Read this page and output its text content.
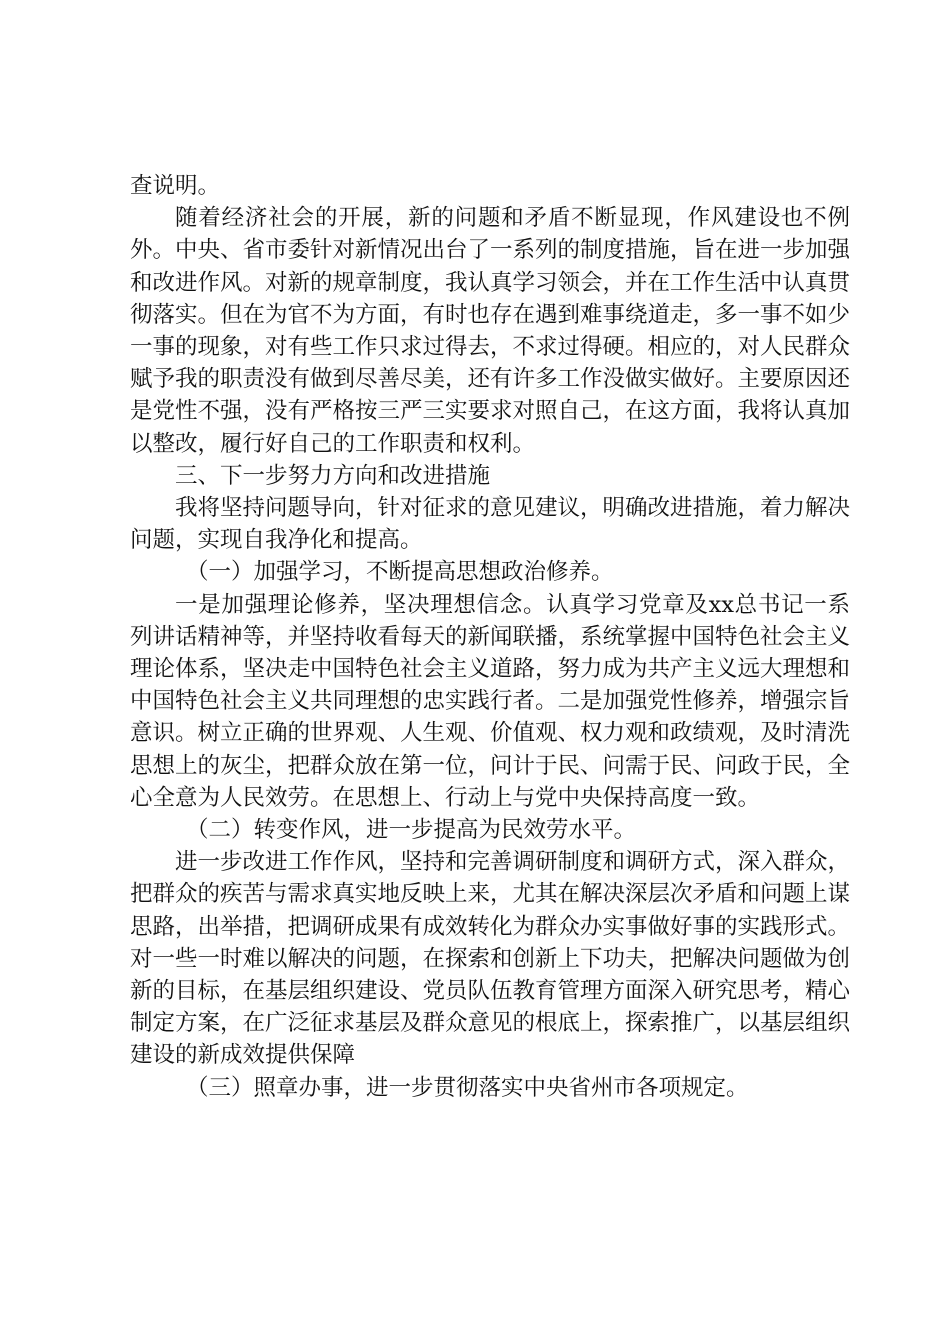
查说明。

随着经济社会的开展，新的问题和矛盾不断显现，作风建设也不例外。中央、省市委针对新情况出台了一系列的制度措施，旨在进一步加强和改进作风。对新的规章制度，我认真学习领会，并在工作生活中认真贯彻落实。但在为官不为方面，有时也存在遇到难事绕道走，多一事不如少一事的现象，对有些工作只求过得去，不求过得硬。相应的，对人民群众赋予我的职责没有做到尽善尽美，还有许多工作没做实做好。主要原因还是党性不强，没有严格按三严三实要求对照自己，在这方面，我将认真加以整改，履行好自己的工作职责和权利。

三、下一步努力方向和改进措施

我将坚持问题导向，针对征求的意见建议，明确改进措施，着力解决问题，实现自我净化和提高。

（一）加强学习，不断提高思想政治修养。

一是加强理论修养，坚决理想信念。认真学习党章及xx总书记一系列讲话精神等，并坚持收看每天的新闻联播，系统掌握中国特色社会主义理论体系，坚决走中国特色社会主义道路，努力成为共产主义远大理想和中国特色社会主义共同理想的忠实践行者。二是加强党性修养，增强宗旨意识。树立正确的世界观、人生观、价值观、权力观和政绩观，及时清洗思想上的灰尘，把群众放在第一位，问计于民、问需于民、问政于民，全心全意为人民效劳。在思想上、行动上与党中央保持高度一致。

（二）转变作风，进一步提高为民效劳水平。

进一步改进工作作风，坚持和完善调研制度和调研方式，深入群众，把群众的疾苦与需求真实地反映上来，尤其在解决深层次矛盾和问题上谋思路，出举措，把调研成果有成效转化为群众办实事做好事的实践形式。对一些一时难以解决的问题，在探索和创新上下功夫，把解决问题做为创新的目标，在基层组织建设、党员队伍教育管理方面深入研究思考，精心制定方案，在广泛征求基层及群众意见的根底上，探索推广，以基层组织建设的新成效提供保障

（三）照章办事，进一步贯彻落实中央省州市各项规定。
